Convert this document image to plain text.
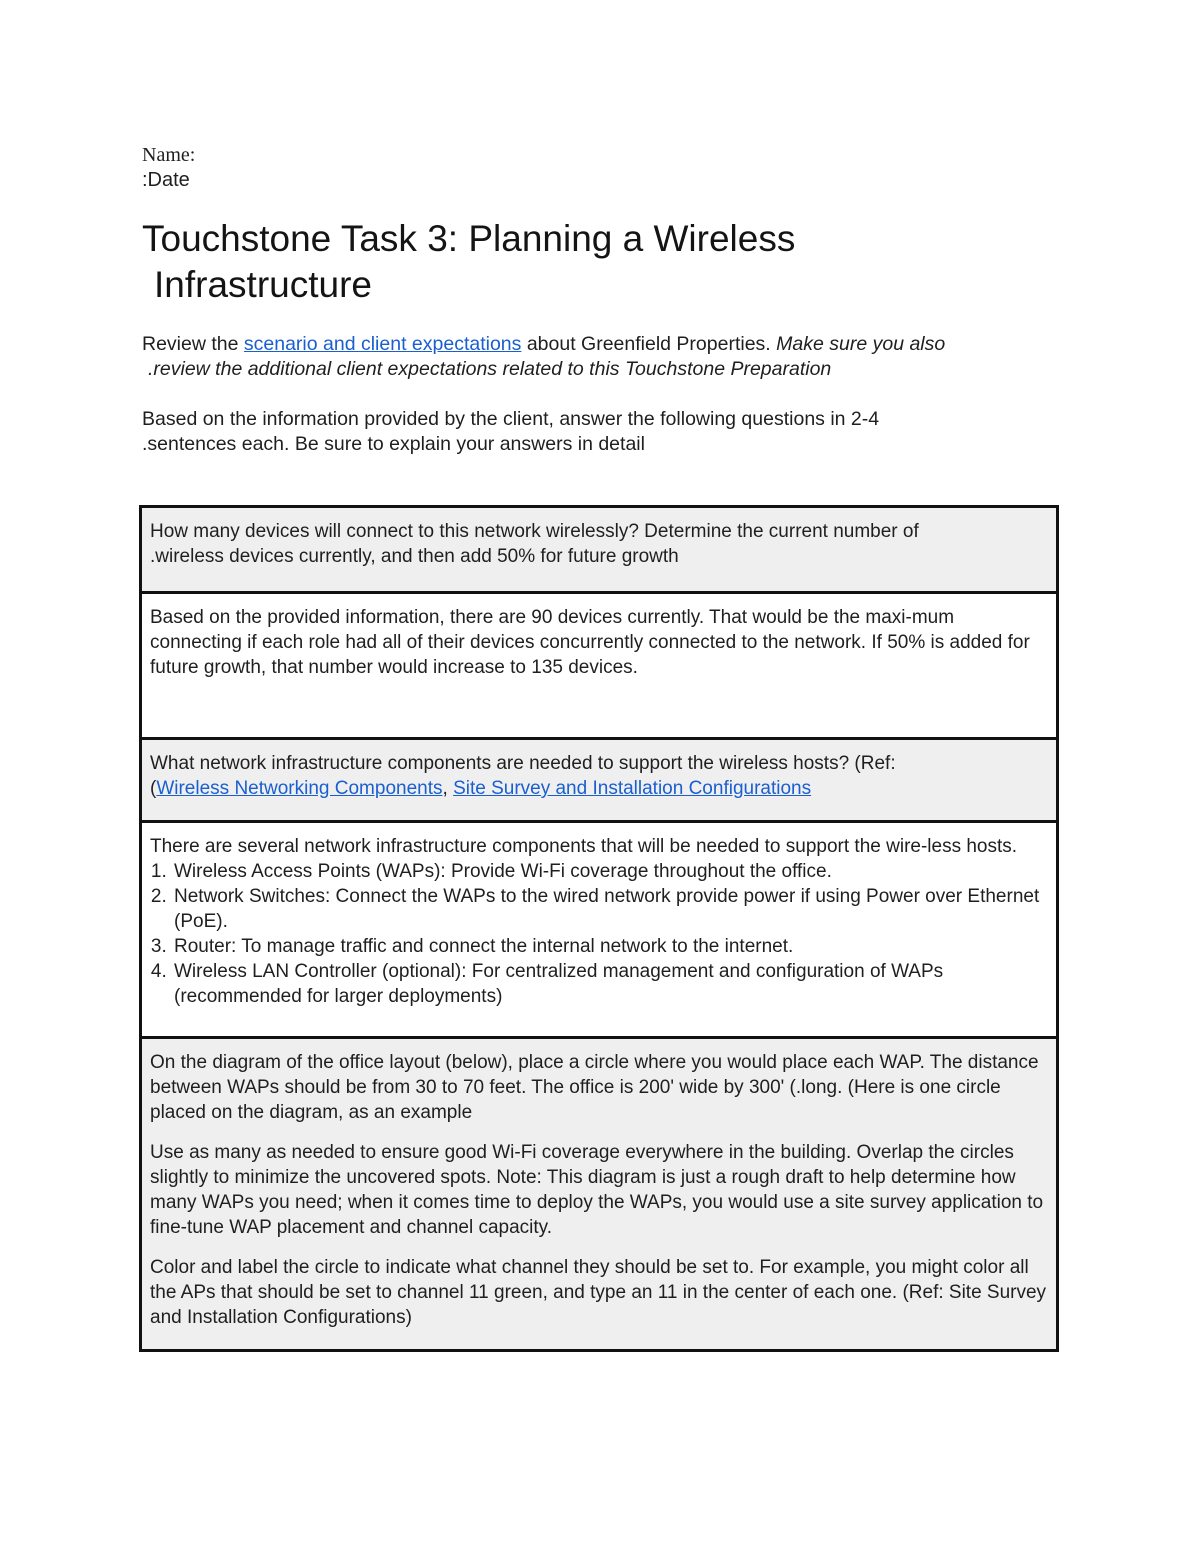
Name:
:Date
Touchstone Task 3: Planning a Wireless
Infrastructure
Review the scenario and client expectations about Greenfield Properties. Make sure you also
.review the additional client expectations related to this Touchstone Preparation
Based on the information provided by the client, answer the following questions in 2-4
.sentences each. Be sure to explain your answers in detail
How many devices will connect to this network wirelessly? Determine the current number of
.wireless devices currently, and then add 50% for future growth
Based on the provided information, there are 90 devices currently. That would be the maxi-mum connecting if each role had all of their devices concurrently connected to the network. If 50% is added for future growth, that number would increase to 135 devices.
What network infrastructure components are needed to support the wireless hosts? (Ref:
(Wireless Networking Components, Site Survey and Installation Configurations
There are several network infrastructure components that will be needed to support the wire-less hosts.
1. Wireless Access Points (WAPs): Provide Wi-Fi coverage throughout the office.
2. Network Switches: Connect the WAPs to the wired network provide power if using Power over Ethernet (PoE).
3. Router: To manage traffic and connect the internal network to the internet.
4. Wireless LAN Controller (optional): For centralized management and configuration of WAPs (recommended for larger deployments)

On the diagram of the office layout (below), place a circle where you would place each WAP. The distance between WAPs should be from 30 to 70 feet. The office is 200' wide by 300' (.long. (Here is one circle placed on the diagram, as an example

Use as many as needed to ensure good Wi-Fi coverage everywhere in the building. Overlap the circles slightly to minimize the uncovered spots. Note: This diagram is just a rough draft to help determine how many WAPs you need; when it comes time to deploy the WAPs, you would use a site survey application to fine-tune WAP placement and channel capacity.

Color and label the circle to indicate what channel they should be set to. For example, you might color all the APs that should be set to channel 11 green, and type an 11 in the center of each one. (Ref: Site Survey and Installation Configurations)
